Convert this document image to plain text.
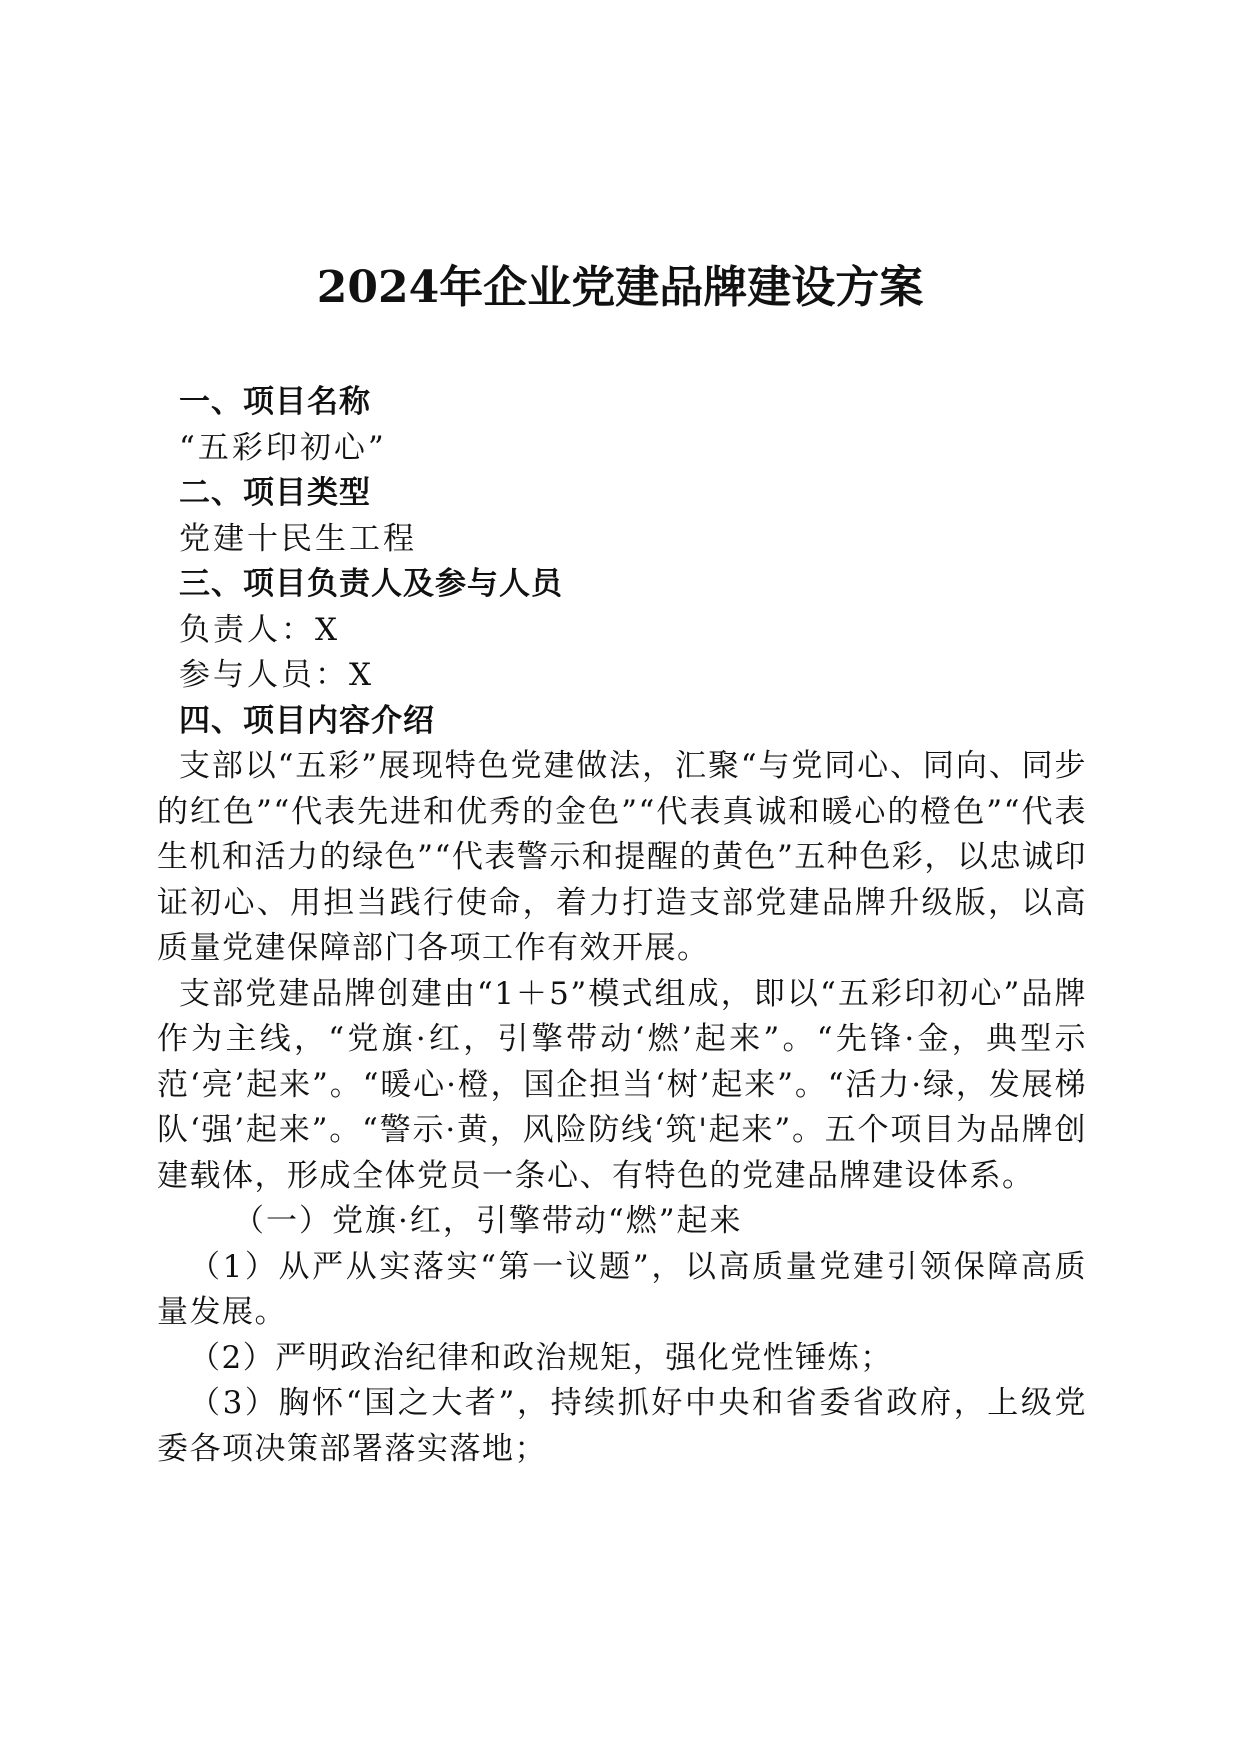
2024年企业党建品牌建设方案
一、项目名称
“五彩印初心”
二、项目类型
党建十民生工程
三、项目负责人及参与人员
负责人：X
参与人员：X
四、项目内容介绍
支部以“五彩”展现特色党建做法，汇聚“与党同心、同向、同步的红色”“代表先进和优秀的金色”“代表真诚和暖心的橙色”“代表生机和活力的绿色”“代表警示和提醒的黄色”五种色彩，以忠诚印证初心、用担当践行使命，着力打造支部党建品牌升级版，以高质量党建保障部门各项工作有效开展。
支部党建品牌创建由“1＋5”模式组成，即以“五彩印初心”品牌作为主线，“党旗·红，引擎带动‘燃’起来”。“先锋·金，典型示范‘亮’起来”。“暖心·橙，国企担当‘树’起来”。“活力·绿，发展梯队‘强’起来”。“警示·黄，风险防线‘筑'起来”。五个项目为品牌创建载体，形成全体党员一条心、有特色的党建品牌建设体系。
（一）党旗·红，引擎带动“燃”起来
（1）从严从实落实“第一议题”，以高质量党建引领保障高质量发展。
（2）严明政治纪律和政治规矩，强化党性锤炼；
（3）胸怀“国之大者”，持续抓好中央和省委省政府，上级党委各项决策部署落实落地；
